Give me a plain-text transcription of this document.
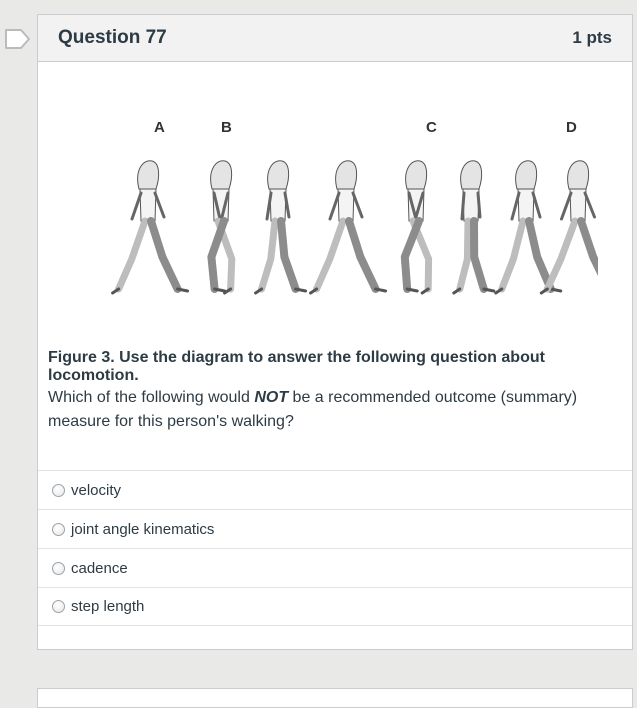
Question 77	1 pts
A	B	C	D
Figure 3. Use the diagram to answer the following question about locomotion.
Which of the following would NOT be a recommended outcome (summary) measure for this person's walking?
velocity
joint angle kinematics
cadence
step length
